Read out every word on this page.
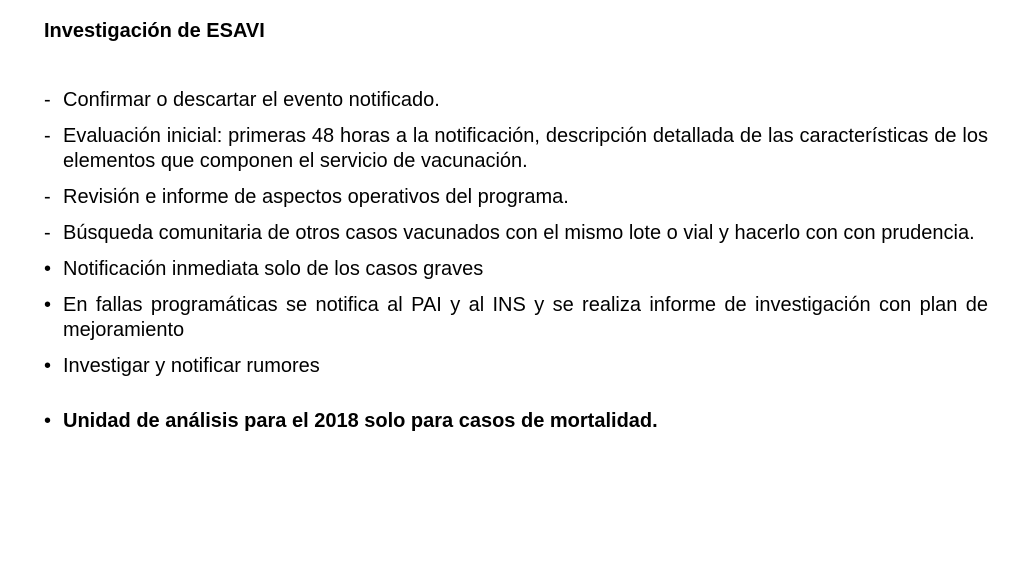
Investigación de ESAVI
- Confirmar o descartar el evento notificado.
- Evaluación inicial: primeras 48 horas a la notificación, descripción detallada de las características de los elementos que componen el servicio de vacunación.
- Revisión e informe de aspectos operativos del programa.
- Búsqueda comunitaria de otros casos vacunados con el mismo lote o vial y hacerlo con con prudencia.
• Notificación inmediata solo de los casos graves
• En fallas programáticas se notifica al PAI y al INS y se realiza informe de investigación con plan de mejoramiento
• Investigar y notificar rumores
• Unidad de análisis para el 2018 solo para casos de mortalidad.
